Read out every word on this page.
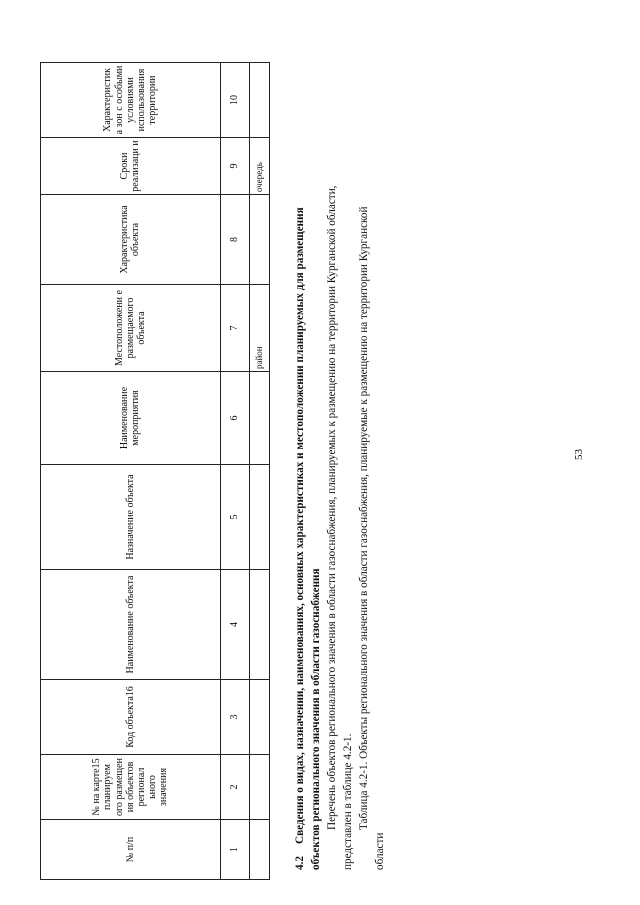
53
№ п/п	№ на карте15 планируем ого размещен ия объектов регионал ьного значения	Код объекта16	Наименование объекта	Назначение объекта	Наименование мероприятия	Местоположени е размещаемого объекта	Характеристика объекта	Сроки реализаци и	Характеристик а зон с особыми условиями использования территории
1	2	3	4	5	6	7	8	9	10
						район		очередь	

4.2Сведения о видах, назначении, наименованиях, основных характеристиках и местоположении планируемых для размещения объектов регионального значения в области газоснабжения Перечень объектов регионального значения в области газоснабжения, планируемых к размещению на территории Курганской области, представлен в таблице 4.2-1. Таблица 4.2-1. Объекты регионального значения в области газоснабжения, планируемые к размещению на территории Курганской

области
